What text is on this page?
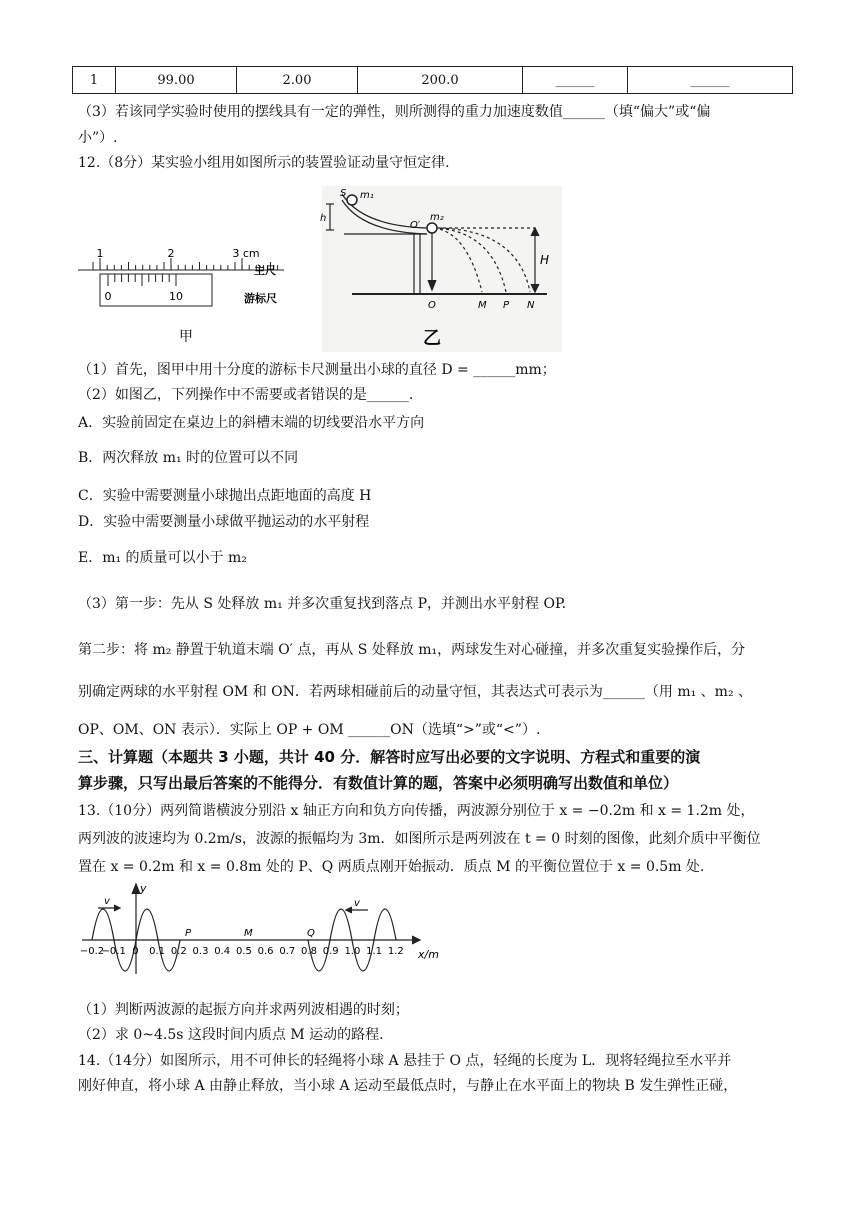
1	99.00	2.00	200.0	______	______
（3）若该同学实验时使用的摆线具有一定的弹性，则所测得的重力加速度数值______（填“偏大”或“偏
小”）.
12.（8分）某实验小组用如图所示的装置验证动量守恒定律.
1	2	3 cm
主尺
0	10	游标尺
甲
S m₁
h	m₂
O′
H
O	M P N
乙
（1）首先，图甲中用十分度的游标卡尺测量出小球的直径 D = ______mm；
（2）如图乙，下列操作中不需要或者错误的是______.
A．实验前固定在桌边上的斜槽末端的切线要沿水平方向
B．两次释放 m₁ 时的位置可以不同
C．实验中需要测量小球抛出点距地面的高度 H
D．实验中需要测量小球做平抛运动的水平射程
E．m₁ 的质量可以小于 m₂
（3）第一步：先从 S 处释放 m₁ 并多次重复找到落点 P，并测出水平射程 OP.
第二步：将 m₂ 静置于轨道末端 O′ 点，再从 S 处释放 m₁，两球发生对心碰撞，并多次重复实验操作后，分
别确定两球的水平射程 OM 和 ON．若两球相碰前后的动量守恒，其表达式可表示为______（用 m₁ 、m₂ 、
OP、OM、ON 表示）．实际上 OP + OM ______ON（选填“>”或“<”）.
三、计算题（本题共 3 小题，共计 40 分．解答时应写出必要的文字说明、方程式和重要的演
算步骤，只写出最后答案的不能得分．有数值计算的题，答案中必须明确写出数值和单位）
13.（10分）两列简谐横波分别沿 x 轴正方向和负方向传播，两波源分别位于 x = −0.2m 和 x = 1.2m 处，
两列波的波速均为 0.2m/s，波源的振幅均为 3m．如图所示是两列波在 t = 0 时刻的图像，此刻介质中平衡位
置在 x = 0.2m 和 x = 0.8m 处的 P、Q 两质点刚开始振动．质点 M 的平衡位置位于 x = 0.5m 处.
−0.2
−0.1 0 0.1 0.2 0.3 0.4 0.5 0.6 0.7 0.8 0.9 1.0 1.1 1.2
y
x/m
v	v
P	M	Q
（1）判断两波源的起振方向并求两列波相遇的时刻；
（2）求 0~4.5s 这段时间内质点 M 运动的路程.
14.（14分）如图所示，用不可伸长的轻绳将小球 A 悬挂于 O 点，轻绳的长度为 L．现将轻绳拉至水平并
刚好伸直，将小球 A 由静止释放，当小球 A 运动至最低点时，与静止在水平面上的物块 B 发生弹性正碰，
